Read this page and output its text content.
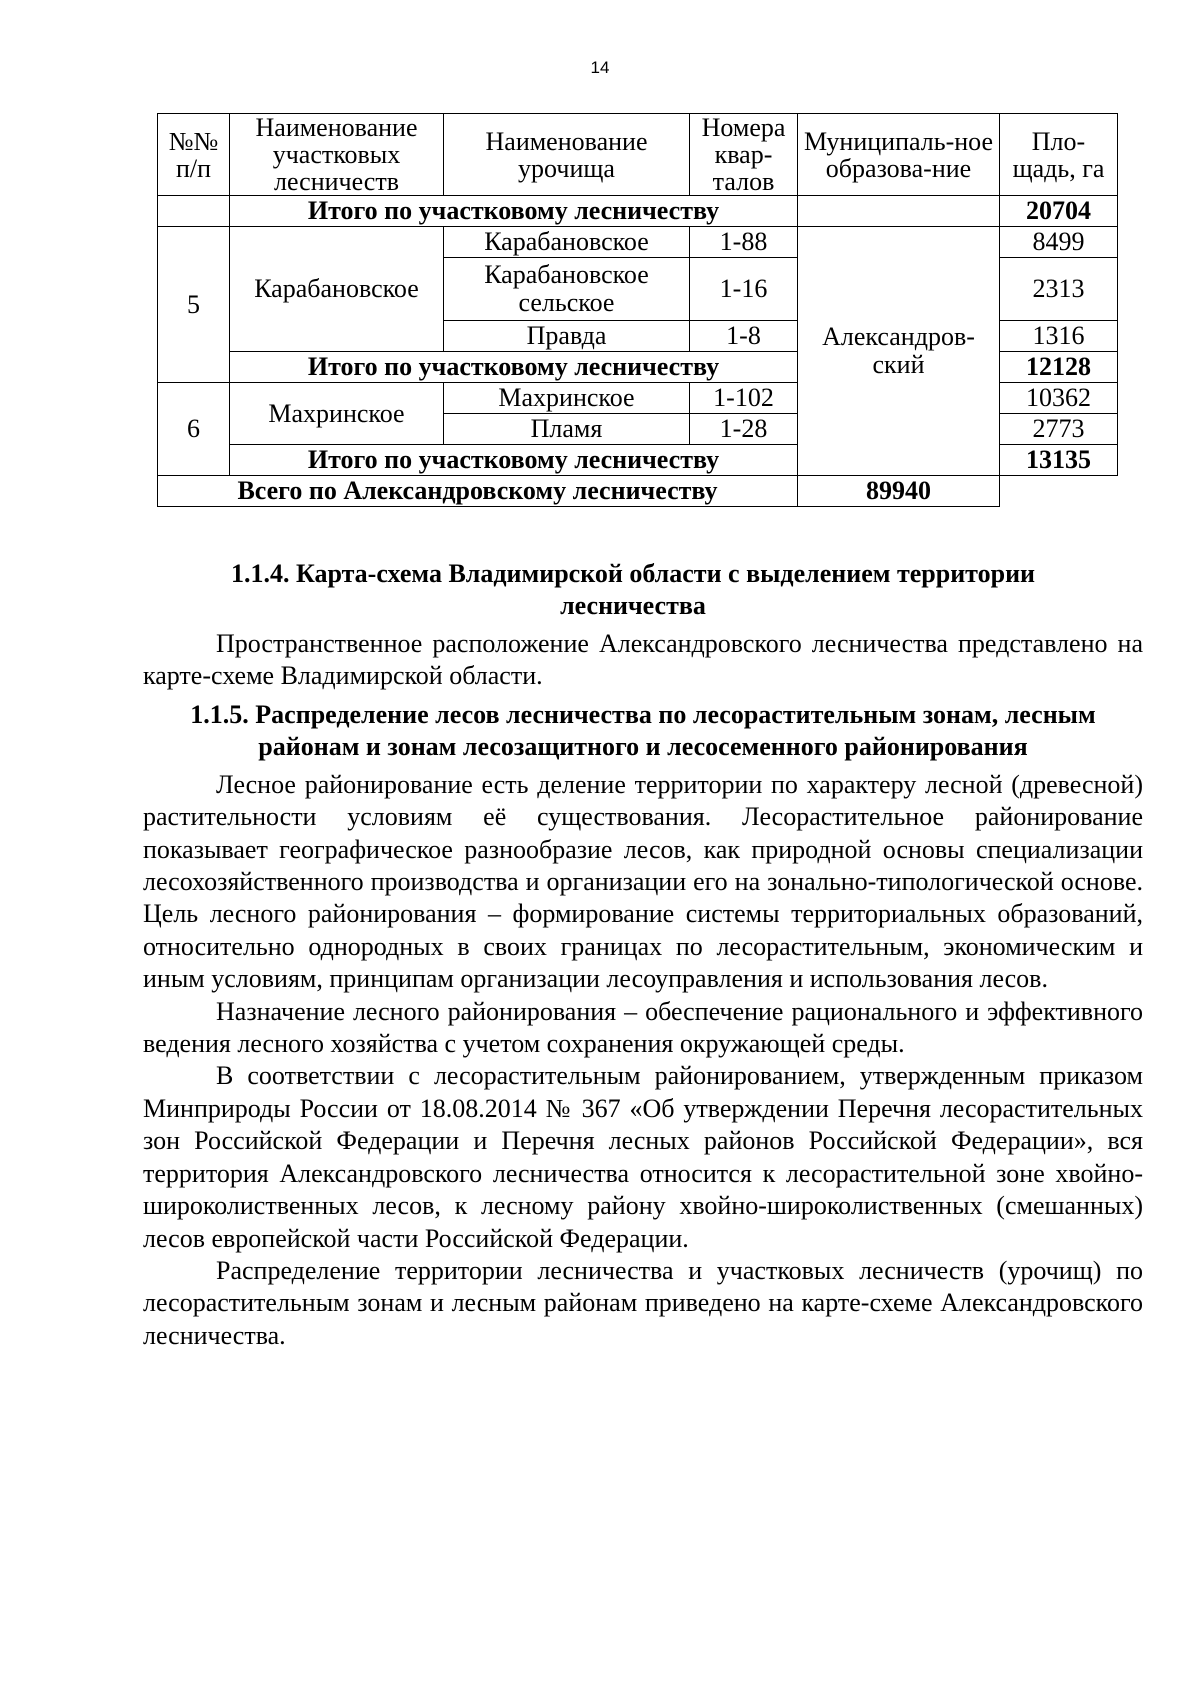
14
№№ п/п	Наименование участковых лесничеств	Наименование урочища	Номера квар-талов	Муниципаль-ное образова-ние	Пло-щадь, га
	Итого по участковому лесничеству				20704
5	Карабановское	Карабановское	1-88	Александров-ский	8499
		Карабановское сельское	1-16		2313
		Правда	1-8		1316
	Итого по участковому лесничеству				12128
6	Махринское	Махринское	1-102		10362
		Пламя	1-28		2773
	Итого по участковому лесничеству				13135
Всего по Александровскому лесничеству				89940	
1.1.4. Карта-схема Владимирской области с выделением территории лесничества

Пространственное расположение Александровского лесничества представлено на карте-схеме Владимирской области.

1.1.5. Распределение лесов лесничества по лесорастительным зонам, лесным районам и зонам лесозащитного и лесосеменного районирования

Лесное районирование есть деление территории по характеру лесной (древесной) растительности условиям её существования. Лесорастительное районирование показывает географическое разнообразие лесов, как природной основы специализации лесохозяйственного производства и организации его на зонально-типологической основе. Цель лесного районирования – формирование системы территориальных образований, относительно однородных в своих границах по лесорастительным, экономическим и иным условиям, принципам организации лесоуправления и использования лесов.

Назначение лесного районирования – обеспечение рационального и эффективного ведения лесного хозяйства с учетом сохранения окружающей среды.

В соответствии с лесорастительным районированием, утвержденным приказом Минприроды России от 18.08.2014 № 367 «Об утверждении Перечня лесорастительных зон Российской Федерации и Перечня лесных районов Российской Федерации», вся территория Александровского лесничества относится к лесорастительной зоне хвойно-широколиственных лесов, к лесному району хвойно-широколиственных (смешанных) лесов европейской части Российской Федерации.

Распределение территории лесничества и участковых лесничеств (урочищ) по лесорастительным зонам и лесным районам приведено на карте-схеме Александровского лесничества.
